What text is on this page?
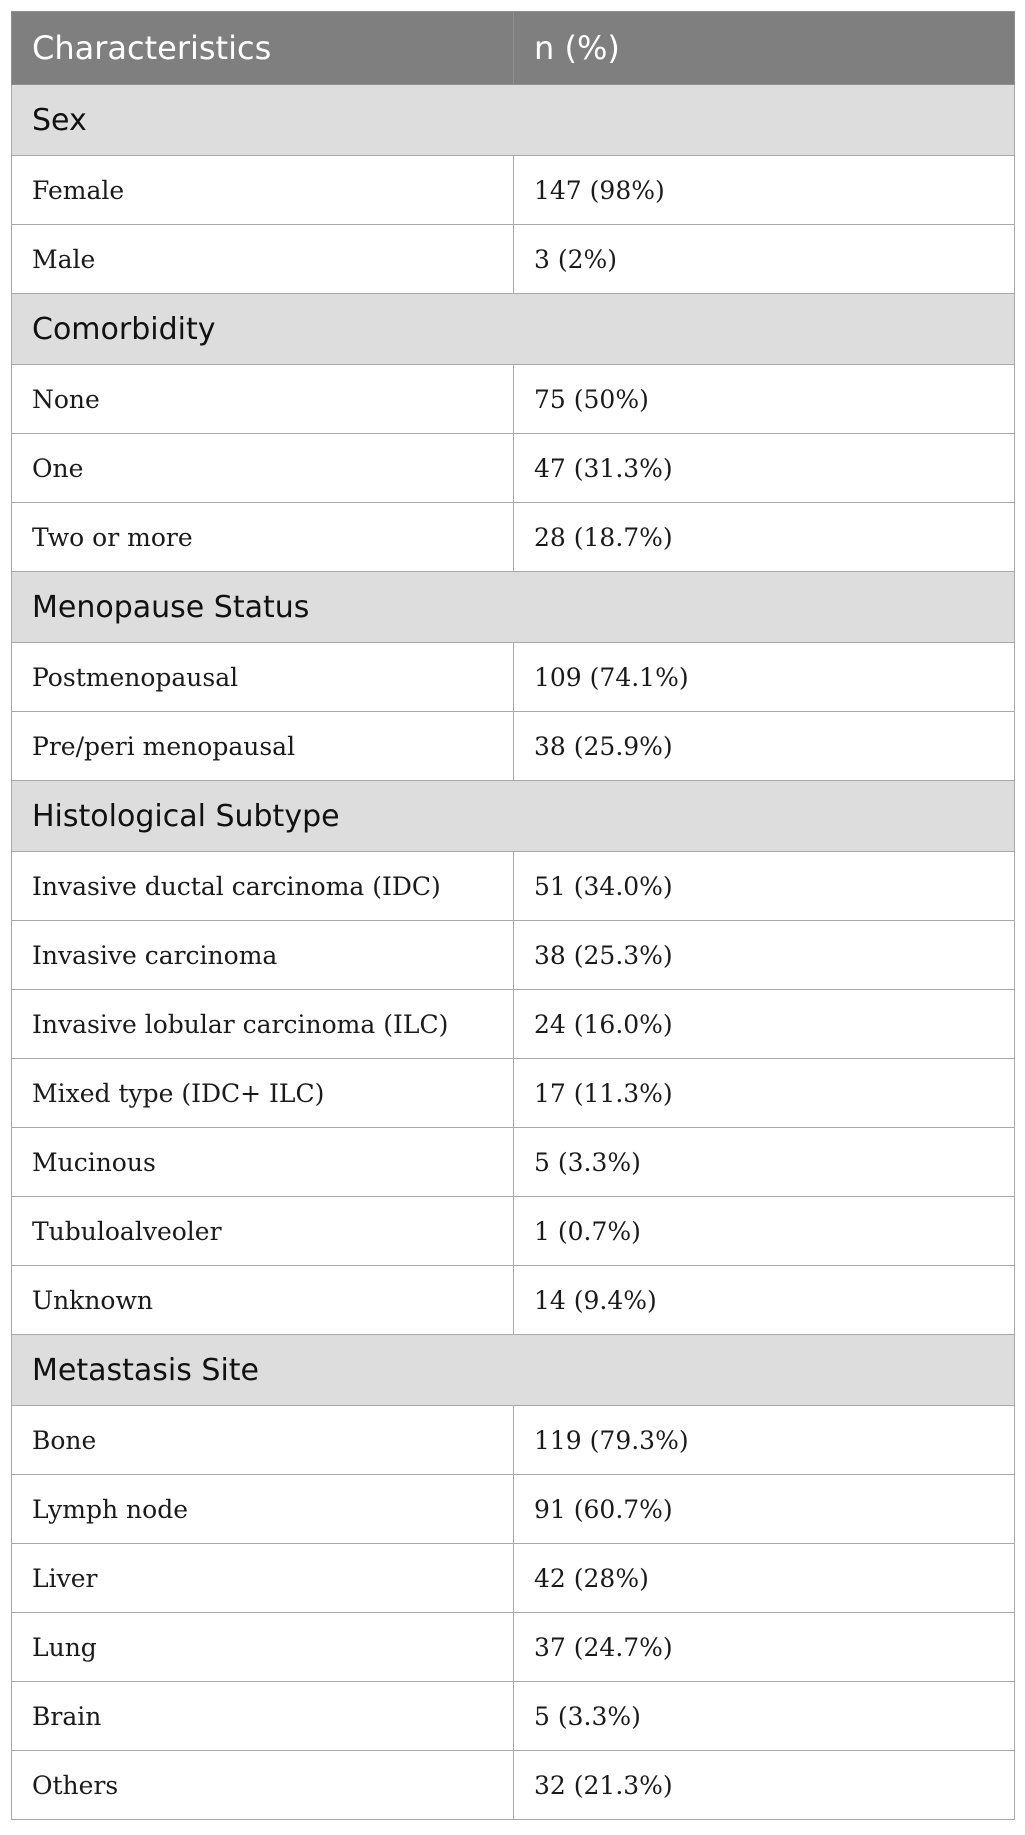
Characteristics	n (%)
Sex	
Female	147 (98%)
Male	3 (2%)
Comorbidity	
None	75 (50%)
One	47 (31.3%)
Two or more	28 (18.7%)
Menopause Status	
Postmenopausal	109 (74.1%)
Pre/peri menopausal	38 (25.9%)
Histological Subtype	
Invasive ductal carcinoma (IDC)	51 (34.0%)
Invasive carcinoma	38 (25.3%)
Invasive lobular carcinoma (ILC)	24 (16.0%)
Mixed type (IDC+ ILC)	17 (11.3%)
Mucinous	5 (3.3%)
Tubuloalveoler	1 (0.7%)
Unknown	14 (9.4%)
Metastasis Site	
Bone	119 (79.3%)
Lymph node	91 (60.7%)
Liver	42 (28%)
Lung	37 (24.7%)
Brain	5 (3.3%)
Others	32 (21.3%)
